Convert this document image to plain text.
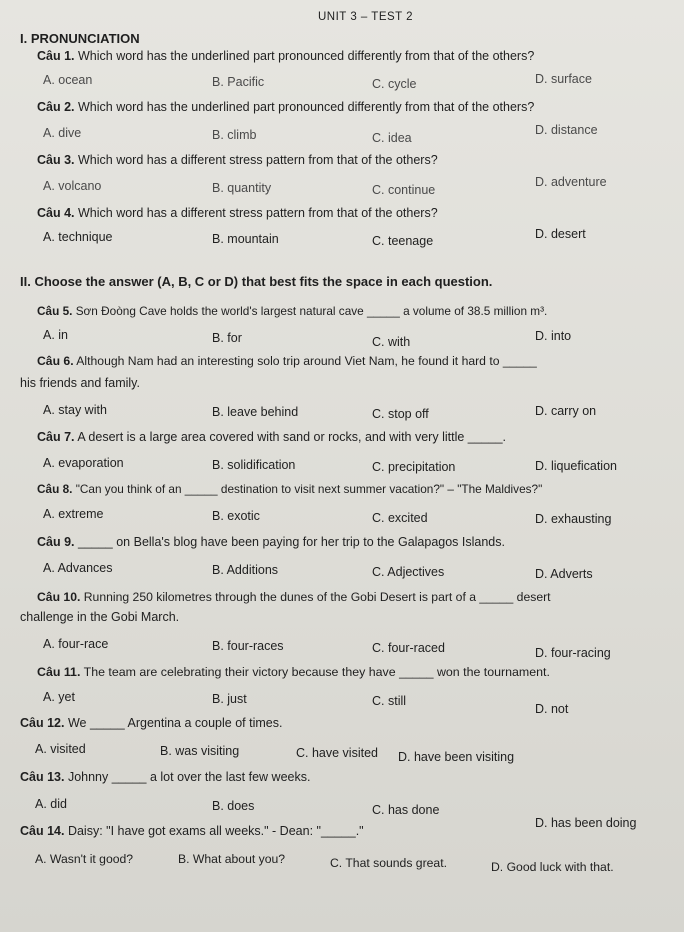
UNIT 3 – TEST 2
I. PRONUNCIATION
Câu 1. Which word has the underlined part pronounced differently from that of the others?
A. ocean	B. Pacific	C. cycle	D. surface
Câu 2. Which word has the underlined part pronounced differently from that of the others?
A. dive	B. climb	C. idea
D. distance
Câu 3. Which word has a different stress pattern from that of the others?
A. volcano	B. quantity	C. continue
D. adventure
Câu 4. Which word has a different stress pattern from that of the others?
A. technique	B. mountain	C. teenage	D. desert
II. Choose the answer (A, B, C or D) that best fits the space in each question.
Câu 5. Sơn Đoòng Cave holds the world's largest natural cave _____ a volume of 38.5 million m³.
A. in	B. for	C. with	D. into
Câu 6. Although Nam had an interesting solo trip around Viet Nam, he found it hard to _____
his friends and family.
A. stay with	B. leave behind	C. stop off	D. carry on
Câu 7. A desert is a large area covered with sand or rocks, and with very little _____.
A. evaporation	B. solidification	C. precipitation	D. liquefication
Câu 8. "Can you think of an _____ destination to visit next summer vacation?" – "The Maldives?"
A. extreme	B. exotic	C. excited	D. exhausting
Câu 9. _____ on Bella's blog have been paying for her trip to the Galapagos Islands.
A. Advances	B. Additions	C. Adjectives	D. Adverts
Câu 10. Running 250 kilometres through the dunes of the Gobi Desert is part of a _____ desert
challenge in the Gobi March.
A. four-race	B. four-races	C. four-raced	D. four-racing
Câu 11. The team are celebrating their victory because they have _____ won the tournament.
A. yet	B. just	C. still
D. not
Câu 12. We _____ Argentina a couple of times.
A. visited	B. was visiting	C. have visited D. have been visiting
Câu 13. Johnny _____ a lot over the last few weeks.
A. did	B. does	C. has done
D. has been doing
Câu 14. Daisy: "I have got exams all weeks." - Dean: "_____."
A. Wasn't it good?	B. What about you?	C. That sounds great.	D. Good luck with that.
